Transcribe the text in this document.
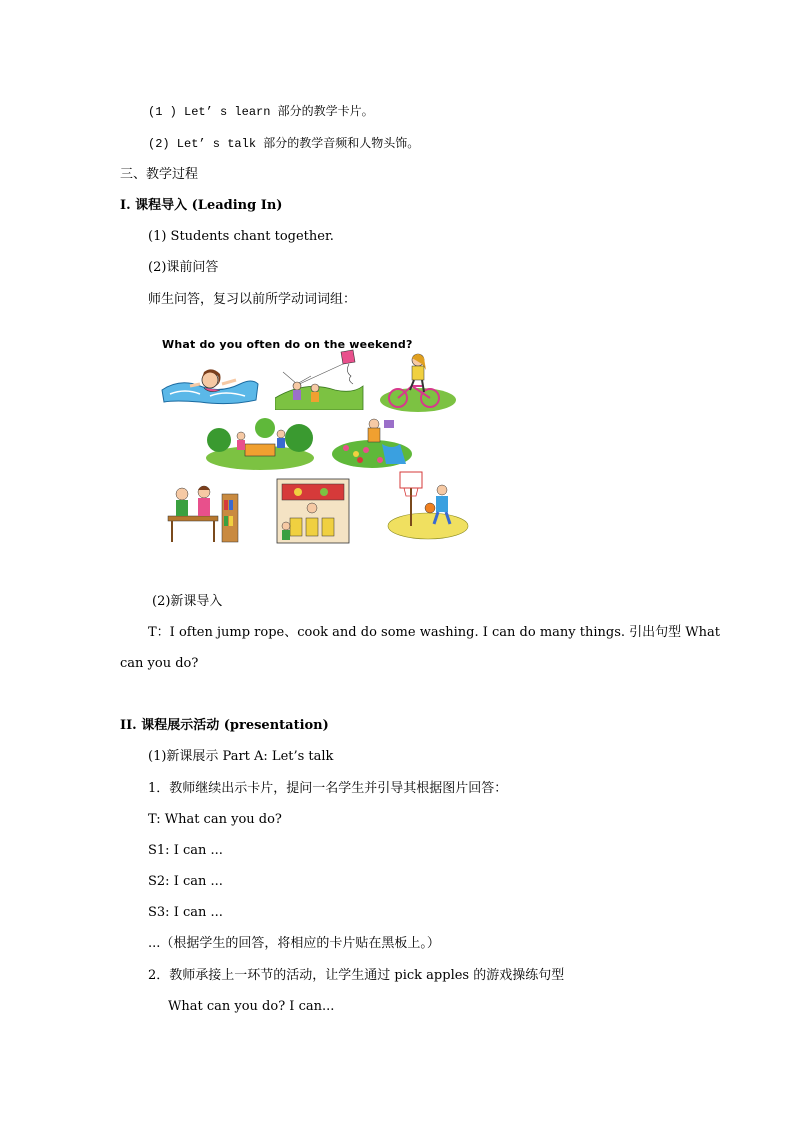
(1 ) Let’ s learn 部分的教学卡片。
(2) Let’ s talk 部分的教学音频和人物头饰。
三、教学过程
I. 课程导入 (Leading In)
(1) Students chant together.
(2)课前问答
师生问答，复习以前所学动词词组：
What do you often do on the weekend?
(2)新课导入
T：I often jump rope、cook and do some washing. I can do many things. 引出句型 What
can you do?
II. 课程展示活动 (presentation)
(1)新课展示 Part A: Let’s talk
1．教师继续出示卡片，提问一名学生并引导其根据图片回答：
T: What can you do?
S1: I can ...
S2: I can ...
S3: I can ...
...（根据学生的回答，将相应的卡片贴在黑板上。）
2．教师承接上一环节的活动，让学生通过 pick apples 的游戏操练句型
What can you do? I can...
